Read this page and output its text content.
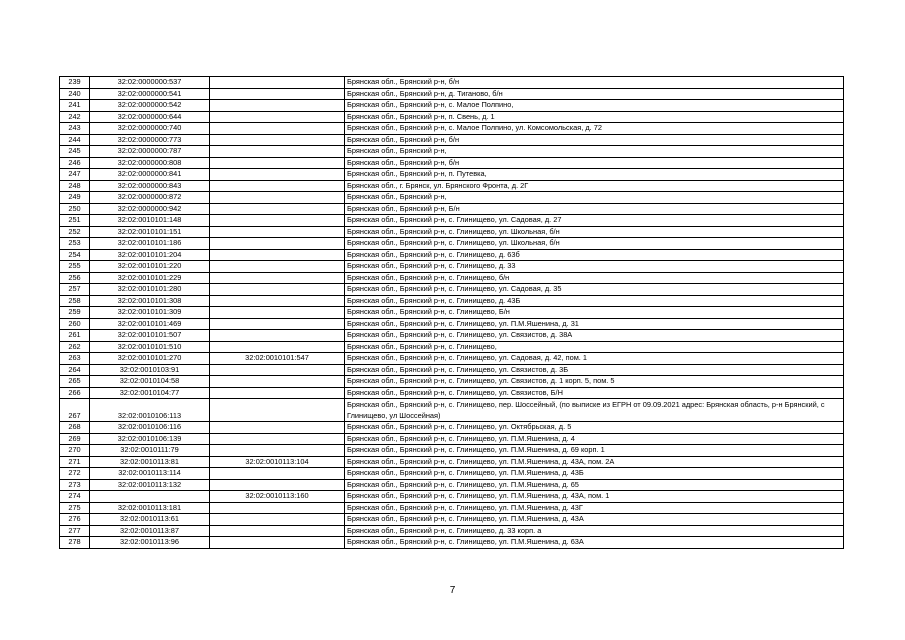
239	32:02:0000000:537		Брянская обл., Брянский р-н, б/н
240	32:02:0000000:541		Брянская обл., Брянский р-н, д. Тиганово, б/н
241	32:02:0000000:542		Брянская обл., Брянский р-н, с. Малое Полпино,
242	32:02:0000000:644		Брянская обл., Брянский р-н, п. Свень, д. 1
243	32:02:0000000:740		Брянская обл., Брянский р-н, с. Малое Полпино, ул. Комсомольская, д. 72
244	32:02:0000000:773		Брянская обл., Брянский р-н, б/н
245	32:02:0000000:787		Брянская обл., Брянский р-н,
246	32:02:0000000:808		Брянская обл., Брянский р-н, б/н
247	32:02:0000000:841		Брянская обл., Брянский р-н, п. Путевка,
248	32:02:0000000:843		Брянская обл., г. Брянск, ул. Брянского Фронта, д. 2Г
249	32:02:0000000:872		Брянская обл., Брянский р-н,
250	32:02:0000000:942		Брянская обл., Брянский р-н, Б/н
251	32:02:0010101:148		Брянская обл., Брянский р-н, с. Глинищево, ул. Садовая, д. 27
252	32:02:0010101:151		Брянская обл., Брянский р-н, с. Глинищево, ул. Школьная, б/н
253	32:02:0010101:186		Брянская обл., Брянский р-н, с. Глинищево, ул. Школьная, б/н
254	32:02:0010101:204		Брянская обл., Брянский р-н, с. Глинищево, д. 63б
255	32:02:0010101:220		Брянская обл., Брянский р-н, с. Глинищево, д. 33
256	32:02:0010101:229		Брянская обл., Брянский р-н, с. Глинищево, б/н
257	32:02:0010101:280		Брянская обл., Брянский р-н, с. Глинищево, ул. Садовая, д. 35
258	32:02:0010101:308		Брянская обл., Брянский р-н, с. Глинищево, д. 43Б
259	32:02:0010101:309		Брянская обл., Брянский р-н, с. Глинищево, Б/н
260	32:02:0010101:469		Брянская обл., Брянский р-н, с. Глинищево, ул. П.М.Яшенина, д. 31
261	32:02:0010101:507		Брянская обл., Брянский р-н, с. Глинищево, ул. Связистов, д. 38А
262	32:02:0010101:510		Брянская обл., Брянский р-н, с. Глинищево,
263	32:02:0010101:270	32:02:0010101:547	Брянская обл., Брянский р-н, с. Глинищево, ул. Садовая, д. 42, пом. 1
264	32:02:0010103:91		Брянская обл., Брянский р-н, с. Глинищево, ул. Связистов, д. 3Б
265	32:02:0010104:58		Брянская обл., Брянский р-н, с. Глинищево, ул. Связистов, д. 1 корп. 5, пом. 5
266	32:02:0010104:77		Брянская обл., Брянский р-н, с. Глинищево, ул. Связистов, Б/Н
267	32:02:0010106:113		Брянская обл., Брянский р-н, с. Глинищево, пер. Шоссейный, (по выписке из ЕГРН от 09.09.2021 адрес: Брянская область, р-н Брянский, с Глинищево, ул Шоссейная)
268	32:02:0010106:116		Брянская обл., Брянский р-н, с. Глинищево, ул. Октябрьская, д. 5
269	32:02:0010106:139		Брянская обл., Брянский р-н, с. Глинищево, ул. П.М.Яшенина, д. 4
270	32:02:0010111:79		Брянская обл., Брянский р-н, с. Глинищево, ул. П.М.Яшенина, д. 69 корп. 1
271	32:02:0010113:81	32:02:0010113:104	Брянская обл., Брянский р-н, с. Глинищево, ул. П.М.Яшенина, д. 43А, пом. 2А
272	32:02:0010113:114		Брянская обл., Брянский р-н, с. Глинищево, ул. П.М.Яшенина, д. 43Б
273	32:02:0010113:132		Брянская обл., Брянский р-н, с. Глинищево, ул. П.М.Яшенина, д. 65
274		32:02:0010113:160	Брянская обл., Брянский р-н, с. Глинищево, ул. П.М.Яшенина, д. 43А, пом. 1
275	32:02:0010113:181		Брянская обл., Брянский р-н, с. Глинищево, ул. П.М.Яшенина, д. 43Г
276	32:02:0010113:61		Брянская обл., Брянский р-н, с. Глинищево, ул. П.М.Яшенина, д. 43А
277	32:02:0010113:87		Брянская обл., Брянский р-н, с. Глинищево, д. 33 корп. а
278	32:02:0010113:96		Брянская обл., Брянский р-н, с. Глинищево, ул. П.М.Яшенина, д. 63А
7
